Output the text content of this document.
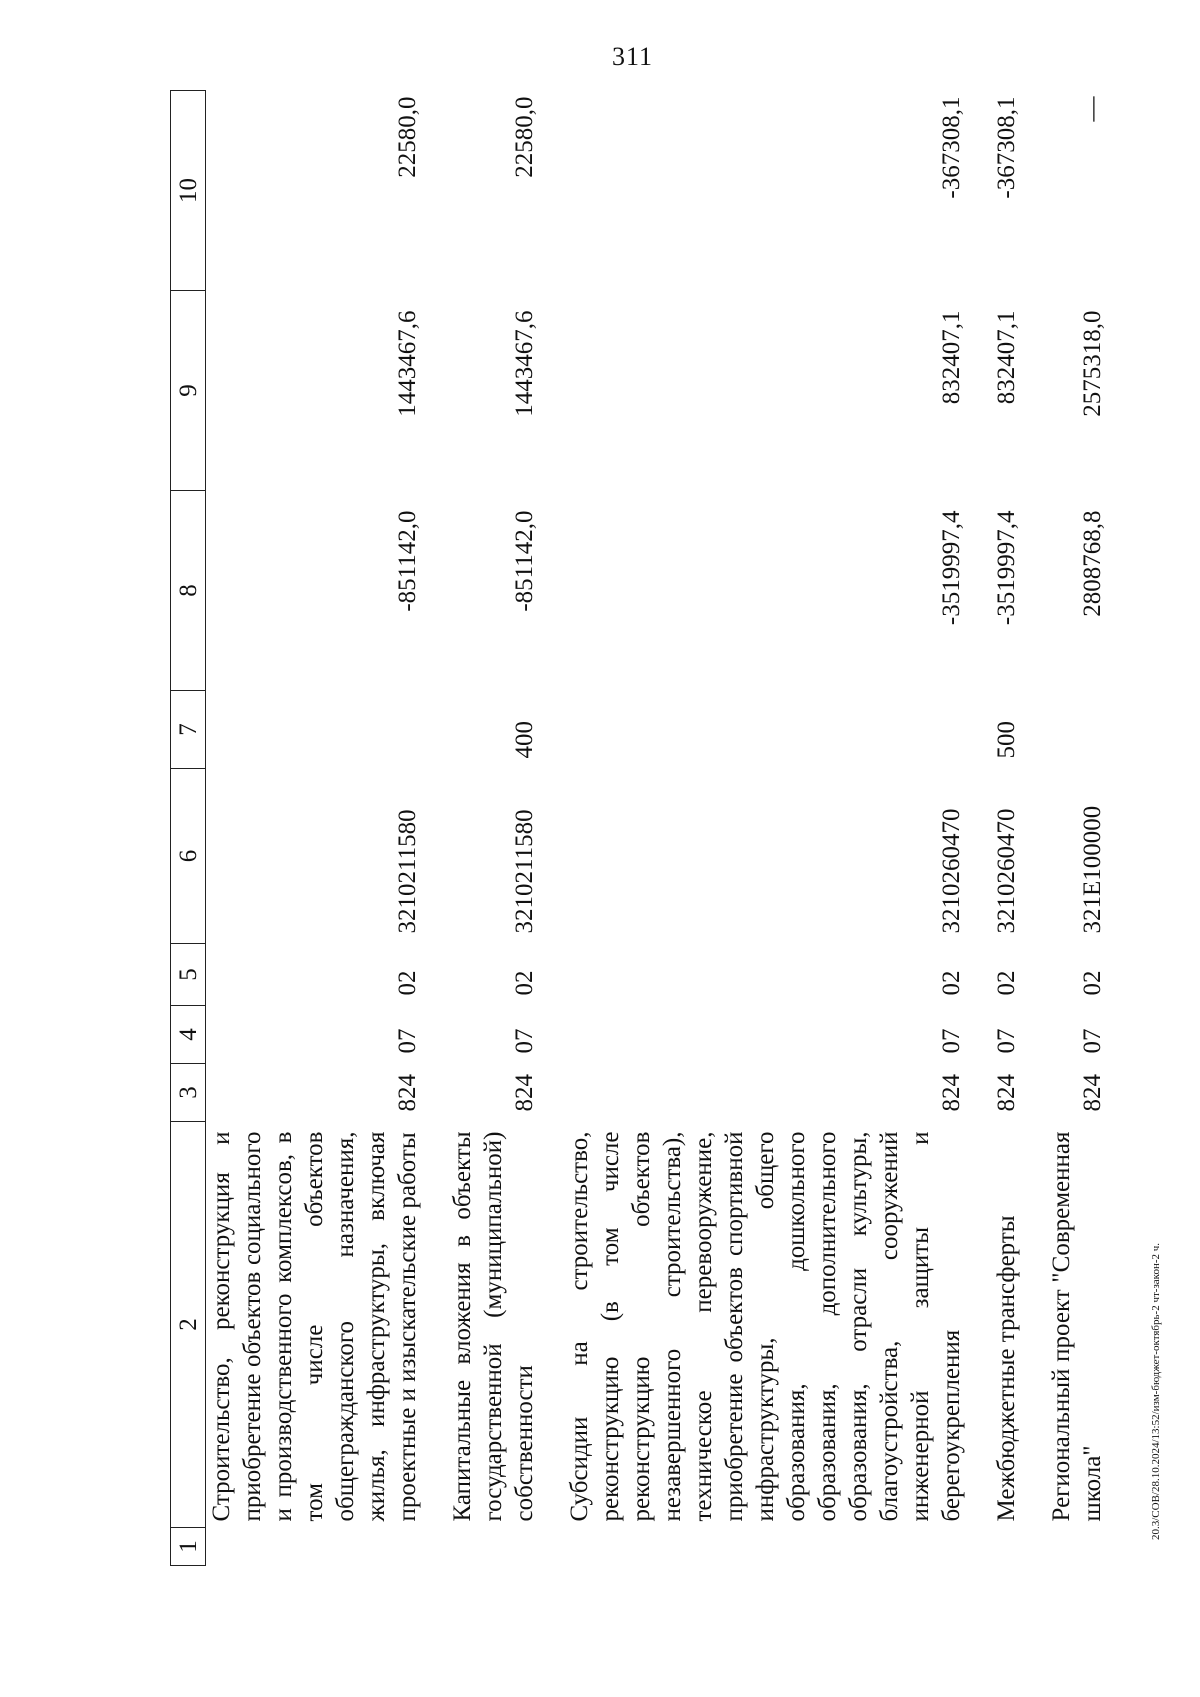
311
1	2	3	4	5	6	7	8	9	10
	Строительство, реконструкция и приобретение объектов социального и производственного комплексов, в том числе объектов общегражданского назначения, жилья, инфраструктуры, включая проектные и изыскательские работы	824	07	02	3210211580		-851142,0	1443467,6	22580,0

	Капитальные вложения в объекты государственной (муниципальной) собственности	824	07	02	3210211580	400	-851142,0	1443467,6	22580,0

	Субсидии на строительство, реконструкцию (в том числе реконструкцию объектов незавершенного строительства), техническое перевооружение, приобретение объектов спортивной инфраструктуры, общего образования, дошкольного образования, дополнительного образования, отрасли культуры, благоустройства, сооружений инженерной защиты и берегоукрепления	824	07	02	3210260470		-3519997,4	832407,1	-367308,1

	Межбюджетные трансферты	824	07	02	3210260470	500	-3519997,4	832407,1	-367308,1

	Региональный проект "Современная школа"	824	07	02	321E100000		2808768,8	2575318,0	—
20.3/СОВ/28.10.2024/13:52/изм-бюджет-октябрь-2 чт-закон-2 ч.
